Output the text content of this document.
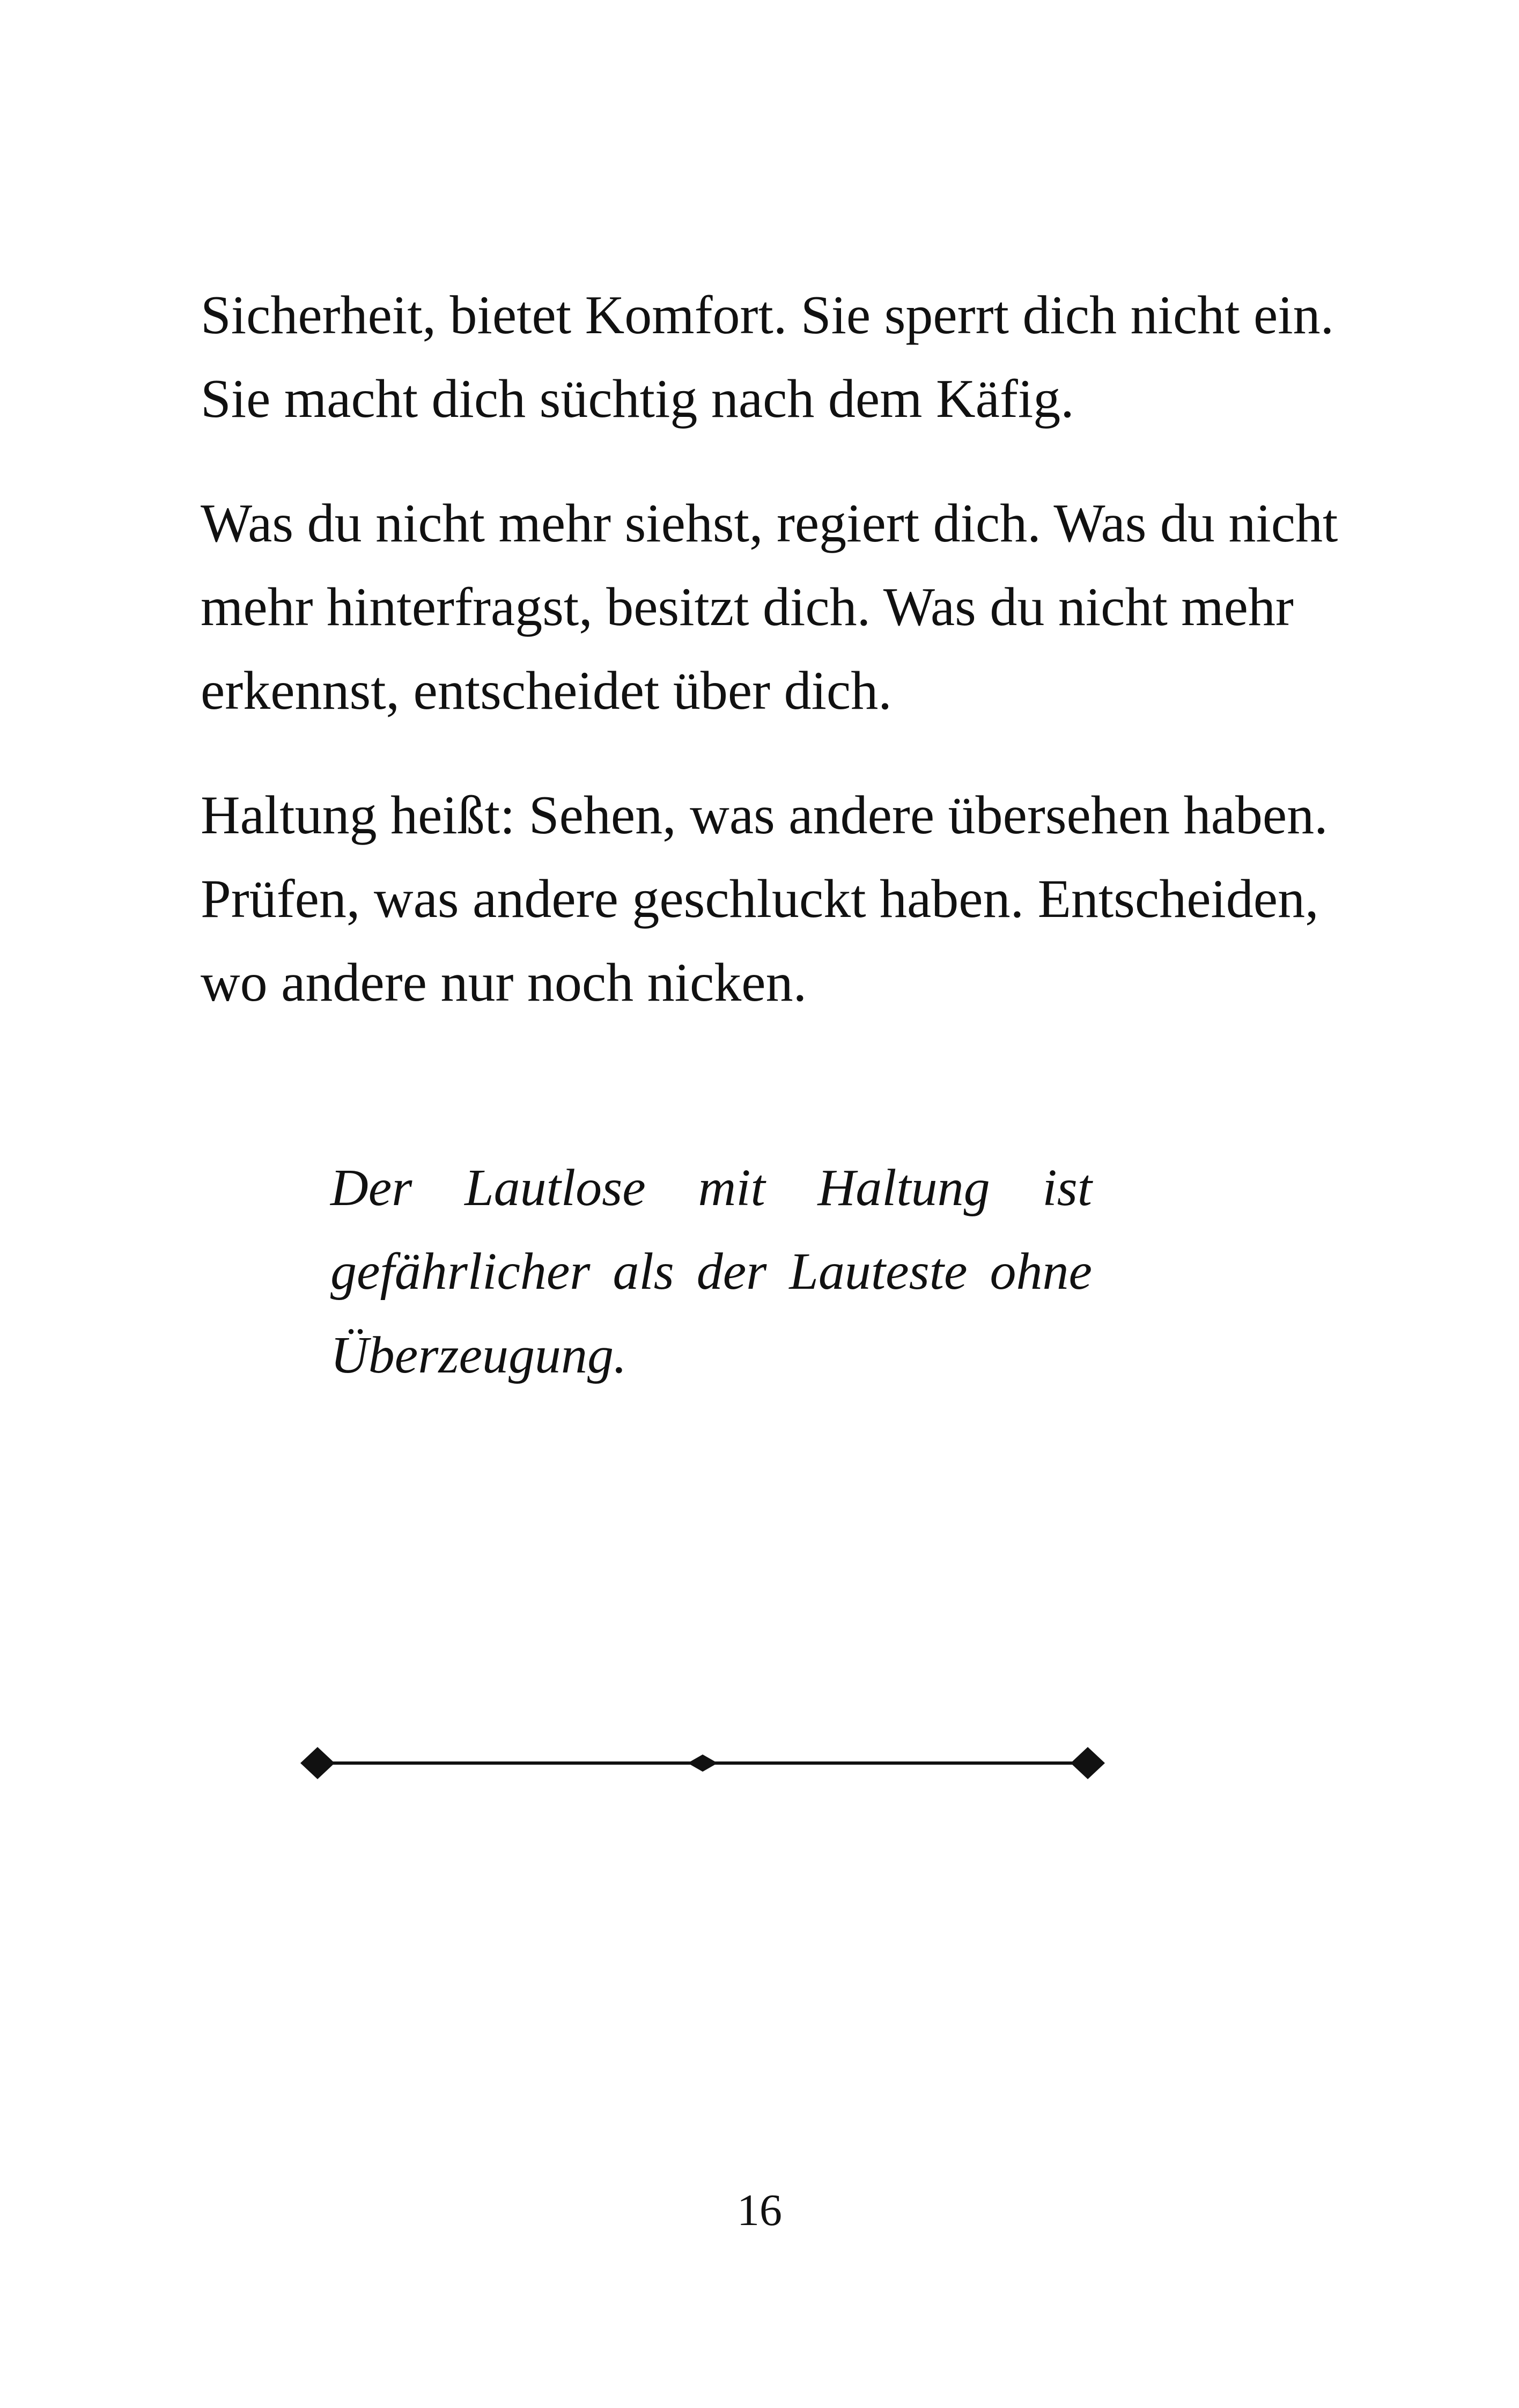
Sicherheit, bietet Komfort. Sie sperrt dich nicht ein.
Sie macht dich süchtig nach dem Käfig.

Was du nicht mehr siehst, regiert dich. Was du nicht
mehr hinterfragst, besitzt dich. Was du nicht mehr
erkennst, entscheidet über dich.

Haltung heißt: Sehen, was andere übersehen haben.
Prüfen, was andere geschluckt haben. Entscheiden,
wo andere nur noch nicken.

Der Lautlose mit Haltung ist
gefährlicher als der Lauteste ohne
Überzeugung.
16
